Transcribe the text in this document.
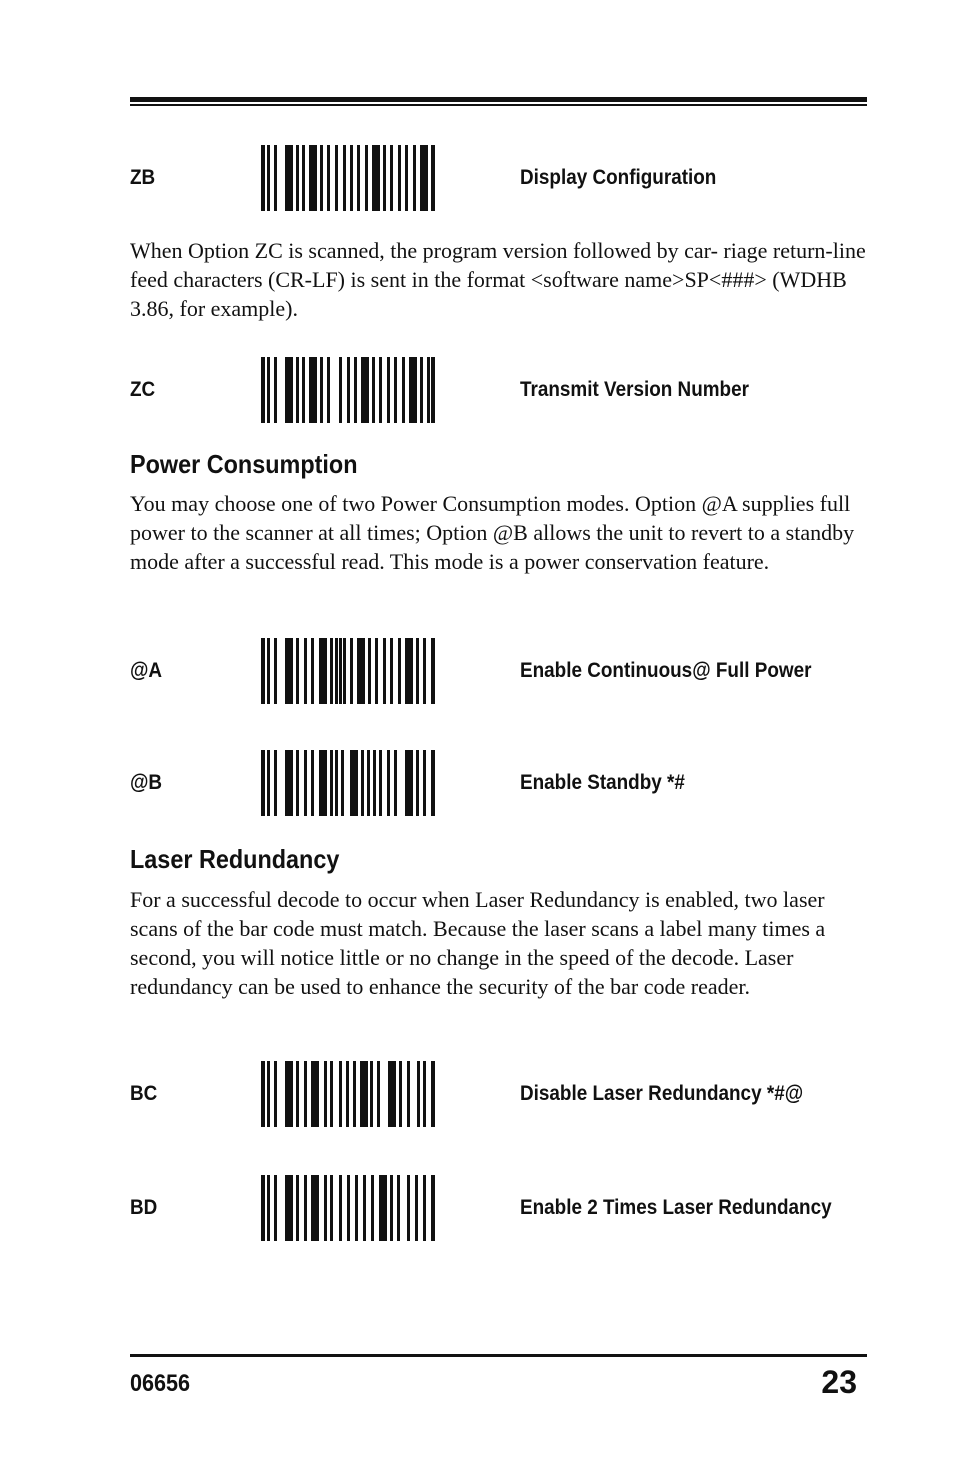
ZB	Display Configuration

When Option ZC is scanned, the program version followed by car- riage return-line feed characters (CR-LF) is sent in the format <software name>SP<###> (WDHB 3.86, for example).

ZC	Transmit Version Number
Power Consumption

You may choose one of two Power Consumption modes. Option @A supplies full power to the scanner at all times; Option @B allows the unit to revert to a standby mode after a successful read. This mode is a power conservation feature.

@A	Enable Continuous@ Full Power
@B	Enable Standby *#
Laser Redundancy

For a successful decode to occur when Laser Redundancy is enabled, two laser scans of the bar code must match. Because the laser scans a label many times a second, you will notice little or no change in the speed of the decode. Laser redundancy can be used to enhance the security of the bar code reader.

BC	Disable Laser Redundancy *#@
BD	Enable 2 Times Laser Redundancy
06656	23
